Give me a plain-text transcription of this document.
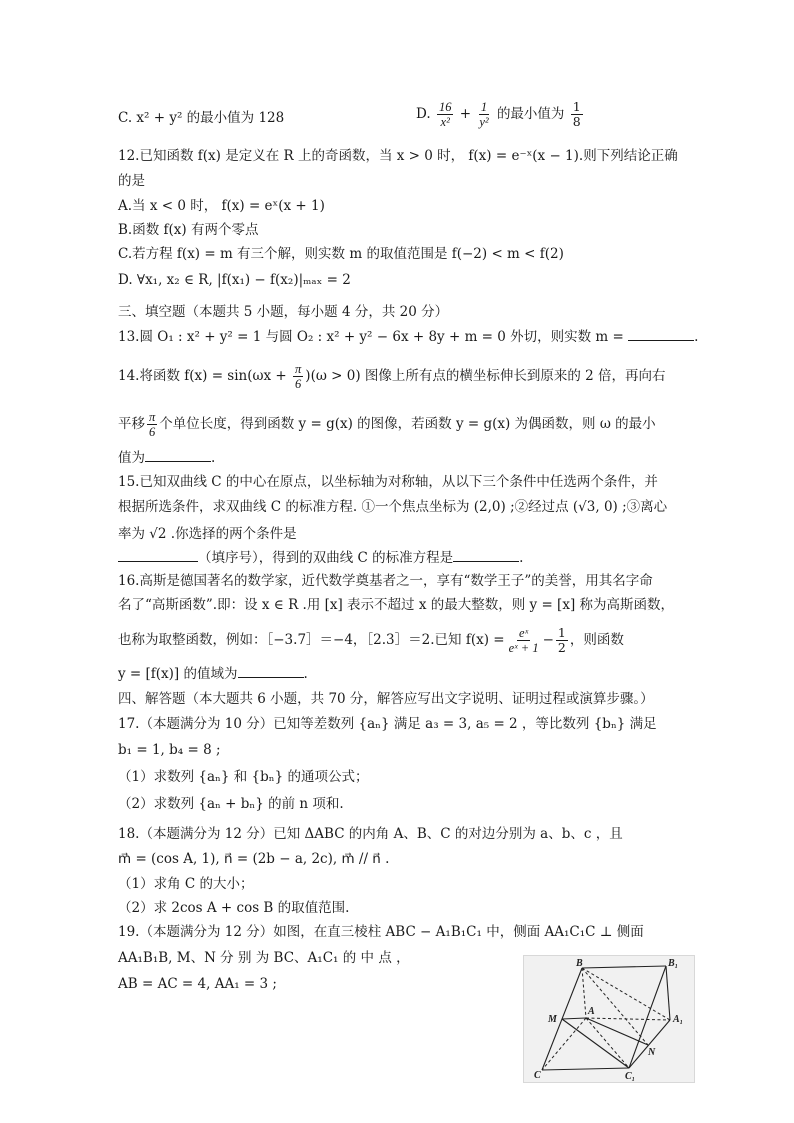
C. x² + y² 的最小值为 128	D. $\frac{16}{\text{x²}} + \frac{1}{\text{y²}}$ 的最小值为 $\frac{1}{8}$
12.已知函数 f(x) 是定义在 R 上的奇函数，当 x > 0 时， f(x) = e⁻ˣ(x − 1).则下列结论正确
的是
A.当 x < 0 时， f(x) = eˣ(x + 1)
B.函数 f(x) 有两个零点
C.若方程 f(x) = m 有三个解，则实数 m 的取值范围是 f(−2) < m < f(2)
D. ∀x₁, x₂ ∈ R, |f(x₁) − f(x₂)|ₘₐₓ = 2
三、填空题（本题共 5 小题，每小题 4 分，共 20 分）
13.圆 O₁ : x² + y² = 1 与圆 O₂ : x² + y² − 6x + 8y + m = 0 外切，则实数 m =	.
14.将函数 $f(x) = \sin(\omega x + \frac{\pi}{6} )(\omega > 0)$ 图像上所有点的横坐标伸长到原来的 2 倍，再向右
平移 $\frac{\pi}{6}$ 个单位长度，得到函数 y = g(x) 的图像，若函数 y = g(x) 为偶函数，则 ω 的最小
值为	.
15.已知双曲线 C 的中心在原点，以坐标轴为对称轴，从以下三个条件中任选两个条件，并
根据所选条件，求双曲线 C 的标准方程. ①一个焦点坐标为 (2,0) ;②经过点 (√3, 0) ;③离心
率为 √2 .你选择的两个条件是
（填序号），得到的双曲线 C 的标准方程是	.
16.高斯是德国著名的数学家，近代数学奠基者之一，享有“数学王子”的美誉，用其名字命
名了“高斯函数”.即：设 x ∈ R .用 [x] 表示不超过 x 的最大整数，则 y = [x] 称为高斯函数，
也称为取整函数，例如：［−3.7］＝−4，［2.3］＝2.已知 $f(x) = \frac{\text{eˣ}}{\text{eˣ + 1}} - \frac{1}{2}$ ，则函数
y = [f(x)] 的值域为	.
四、解答题（本大题共 6 小题，共 70 分，解答应写出文字说明、证明过程或演算步骤。）
17.（本题满分为 10 分）已知等差数列 {aₙ} 满足 a₃ = 3, a₅ = 2 ，等比数列 {bₙ} 满足
b₁ = 1, b₄ = 8 ;
（1）求数列 {aₙ} 和 {bₙ} 的通项公式；
（2）求数列 {aₙ + bₙ} 的前 n 项和.
18.（本题满分为 12 分）已知 ΔABC 的内角 A、B、C 的对边分别为 a、b、c ，且
m⃗ = (cos A, 1), n⃗ = (2b − a, 2c), m⃗ // n⃗ .
（1）求角 C 的大小；
（2）求 2cos A + cos B 的取值范围.
19.（本题满分为 12 分）如图，在直三棱柱 ABC − A₁B₁C₁ 中，侧面 AA₁C₁C ⊥ 侧面
AA₁B₁B, M、N 分 别 为 BC、A₁C₁ 的 中 点 ，
AB = AC = 4, AA₁ = 3 ;
B	B₁
A
A₁
M
N
C	C₁
